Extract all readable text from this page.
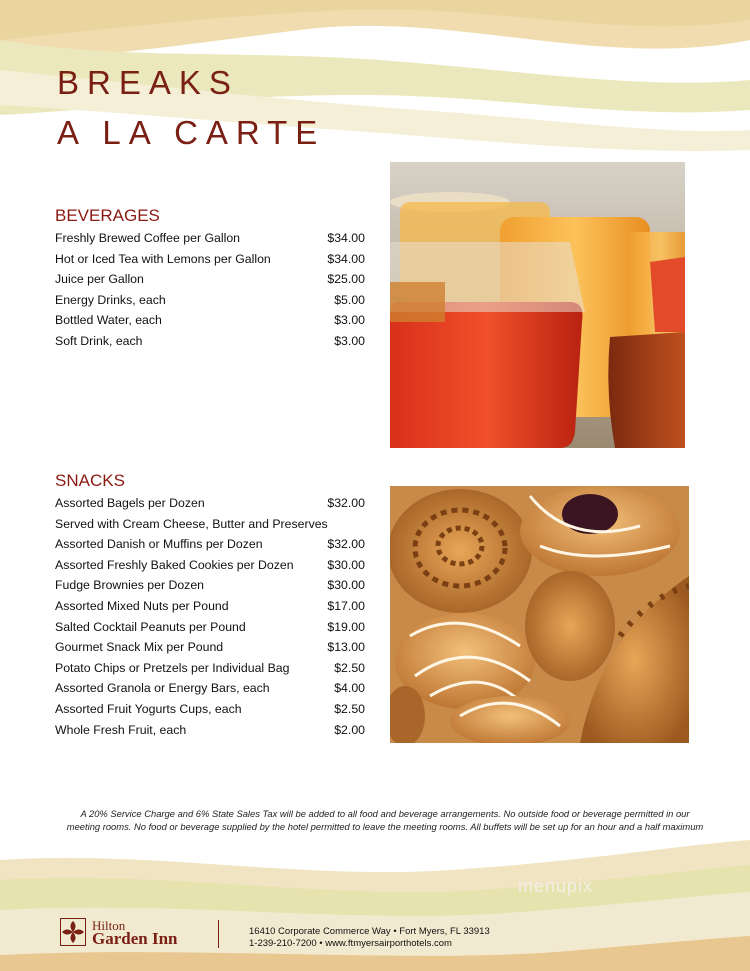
BREAKS
A LA CARTE
BEVERAGES
Freshly Brewed Coffee per Gallon	$34.00
Hot or Iced Tea with Lemons per Gallon	$34.00
Juice per Gallon	$25.00
Energy Drinks, each	$5.00
Bottled Water, each	$3.00
Soft Drink, each	$3.00
SNACKS
Assorted Bagels per Dozen	$32.00
Served with Cream Cheese, Butter and Preserves
Assorted Danish or Muffins per Dozen	$32.00
Assorted Freshly Baked Cookies per Dozen	$30.00
Fudge Brownies per Dozen	$30.00
Assorted Mixed Nuts per Pound	$17.00
Salted Cocktail Peanuts per Pound	$19.00
Gourmet Snack Mix per Pound	$13.00
Potato Chips or Pretzels per Individual Bag	$2.50
Assorted Granola or Energy Bars, each	$4.00
Assorted Fruit Yogurts Cups, each	$2.50
Whole Fresh Fruit, each	$2.00
A 20% Service Charge and 6% State Sales Tax will be added to all food and beverage arrangements. No outside food or beverage permitted in our
meeting rooms. No food or beverage supplied by the hotel permitted to leave the meeting rooms. All buffets will be set up for an hour and a half maximum
menupix
Hilton
Garden Inn	16410 Corporate Commerce Way • Fort Myers, FL 33913
1-239-210-7200 • www.ftmyersairporthotels.com
